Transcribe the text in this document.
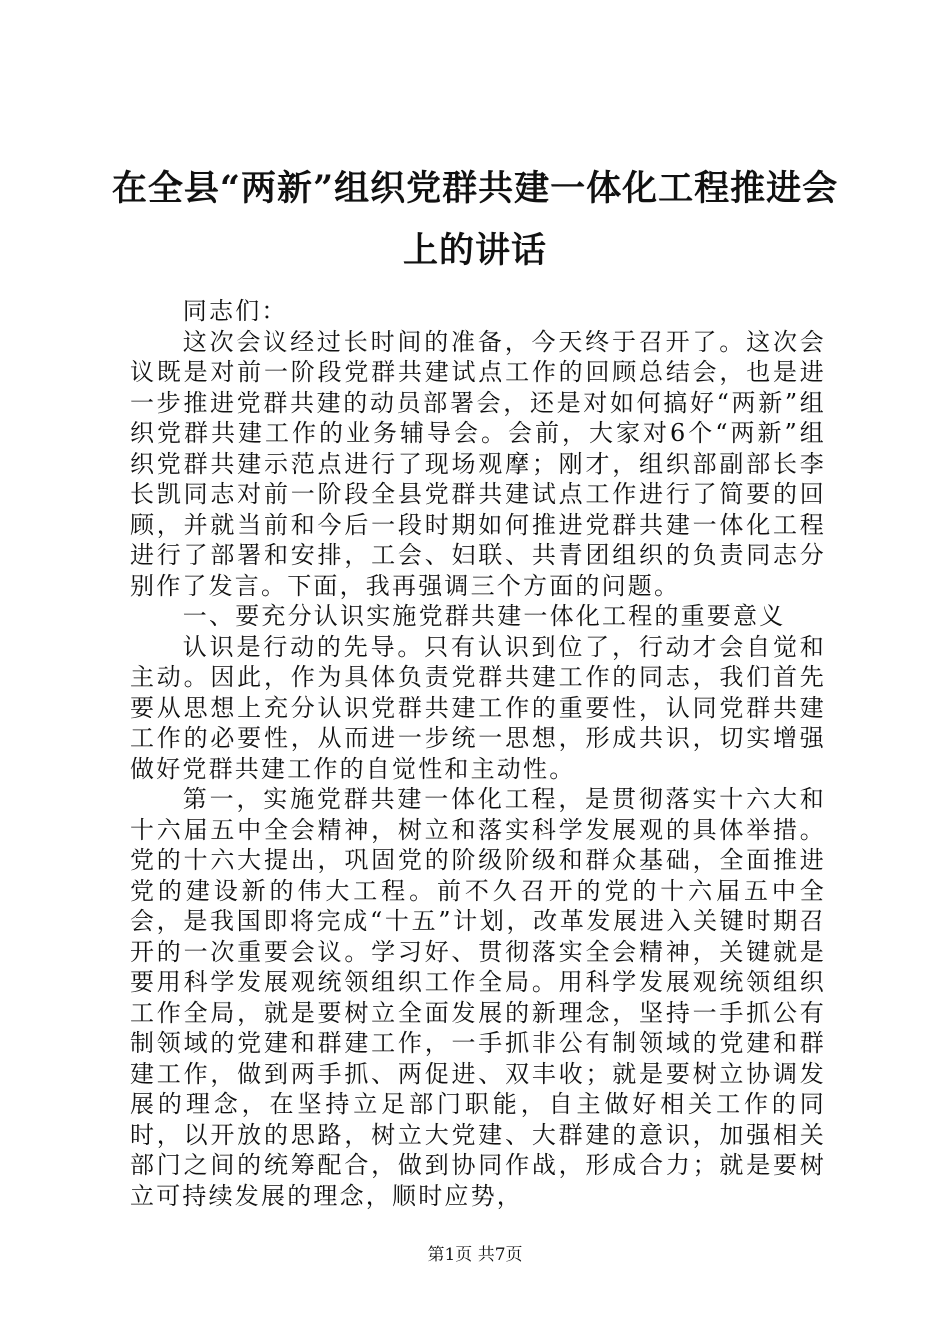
在全县“两新”组织党群共建一体化工程推进会上的讲话

同志们：

这次会议经过长时间的准备，今天终于召开了。这次会议既是对前一阶段党群共建试点工作的回顾总结会，也是进一步推进党群共建的动员部署会，还是对如何搞好“两新”组织党群共建工作的业务辅导会。会前，大家对6个“两新”组织党群共建示范点进行了现场观摩；刚才，组织部副部长李长凯同志对前一阶段全县党群共建试点工作进行了简要的回顾，并就当前和今后一段时期如何推进党群共建一体化工程进行了部署和安排，工会、妇联、共青团组织的负责同志分别作了发言。下面，我再强调三个方面的问题。

一、要充分认识实施党群共建一体化工程的重要意义

认识是行动的先导。只有认识到位了，行动才会自觉和主动。因此，作为具体负责党群共建工作的同志，我们首先要从思想上充分认识党群共建工作的重要性，认同党群共建工作的必要性，从而进一步统一思想，形成共识，切实增强做好党群共建工作的自觉性和主动性。

第一，实施党群共建一体化工程，是贯彻落实十六大和十六届五中全会精神，树立和落实科学发展观的具体举措。党的十六大提出，巩固党的阶级阶级和群众基础，全面推进党的建设新的伟大工程。前不久召开的党的十六届五中全会，是我国即将完成“十五”计划，改革发展进入关键时期召开的一次重要会议。学习好、贯彻落实全会精神，关键就是要用科学发展观统领组织工作全局。用科学发展观统领组织工作全局，就是要树立全面发展的新理念，坚持一手抓公有制领域的党建和群建工作，一手抓非公有制领域的党建和群建工作，做到两手抓、两促进、双丰收；就是要树立协调发展的理念，在坚持立足部门职能，自主做好相关工作的同时，以开放的思路，树立大党建、大群建的意识，加强相关部门之间的统筹配合，做到协同作战，形成合力；就是要树立可持续发展的理念，顺时应势，

第1页 共7页
